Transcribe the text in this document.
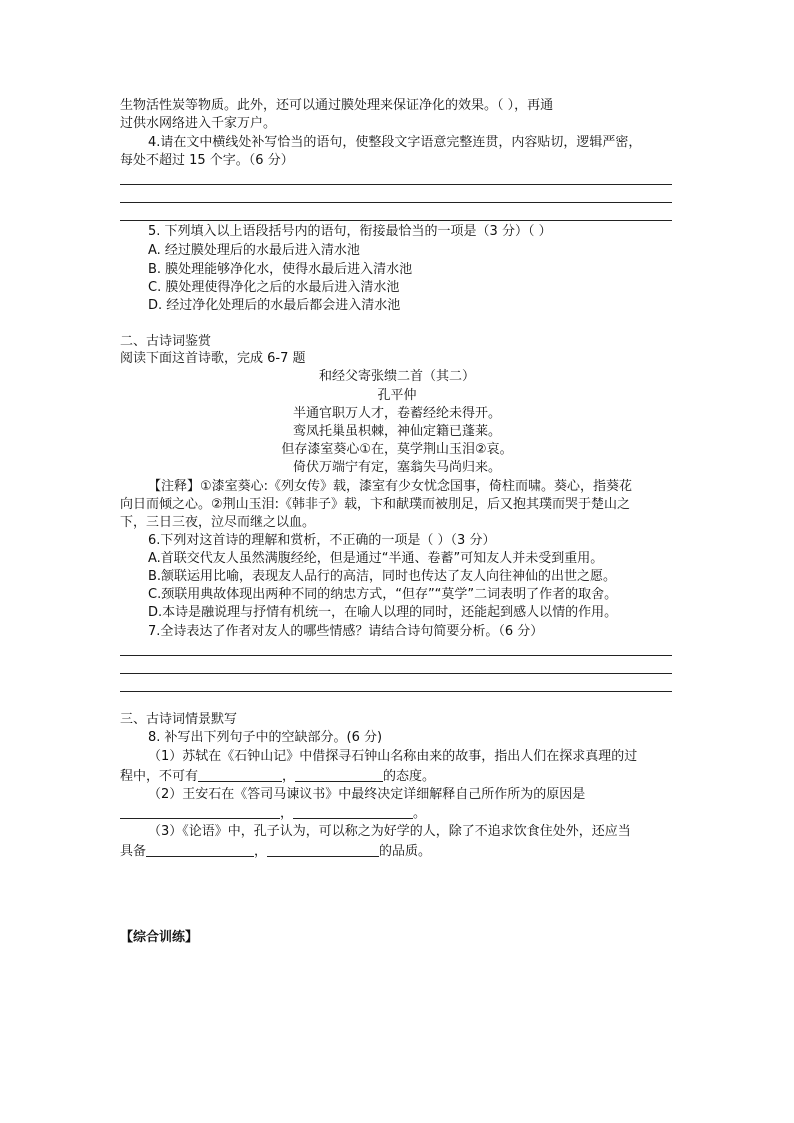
生物活性炭等物质。此外，还可以通过膜处理来保证净化的效果。（ ），再通
过供水网络进入千家万户。
4.请在文中横线处补写恰当的语句，使整段文字语意完整连贯，内容贴切，逻辑严密，
每处不超过 15 个字。（6 分）
5. 下列填入以上语段括号内的语句，衔接最恰当的一项是（3 分）（ ）
A. 经过膜处理后的水最后进入清水池
B. 膜处理能够净化水，使得水最后进入清水池
C. 膜处理使得净化之后的水最后进入清水池
D. 经过净化处理后的水最后都会进入清水池
二、古诗词鉴赏
阅读下面这首诗歌，完成 6-7 题
和经父寄张缋二首（其二）
孔平仲
半通官职万人才，卷蓄经纶未得开。
鸾凤托巢虽枳棘，神仙定籍已蓬莱。
但存漆室葵心①在，莫学荆山玉泪②哀。
倚伏万端宁有定，塞翁失马尚归来。
【注释】①漆室葵心:《列女传》载，漆室有少女忧念国事，倚柱而啸。葵心，指葵花
向日而倾之心。②荆山玉泪:《韩非子》载，卞和献璞而被刖足，后又抱其璞而哭于楚山之
下，三日三夜，泣尽而继之以血。
6.下列对这首诗的理解和赏析，不正确的一项是（ ）（3 分）
A.首联交代友人虽然满腹经纶，但是通过“半通、卷蓄”可知友人并未受到重用。
B.颔联运用比喻，表现友人品行的高洁，同时也传达了友人向往神仙的出世之愿。
C.颈联用典故体现出两种不同的纳忠方式，“但存”“莫学”二词表明了作者的取舍。
D.本诗是融说理与抒情有机统一，在喻人以理的同时，还能起到感人以情的作用。
7.全诗表达了作者对友人的哪些情感？请结合诗句简要分析。（6 分）
三、古诗词情景默写
8. 补写出下列句子中的空缺部分。(6 分)
（1）苏轼在《石钟山记》中借探寻石钟山名称由来的故事，指出人们在探求真理的过
程中，不可有	，	的态度。
（2）王安石在《答司马谏议书》中最终决定详细解释自己所作所为的原因是
，	。
（3）《论语》中，孔子认为，可以称之为好学的人，除了不追求饮食住处外，还应当
具备	，	的品质。
【综合训练】
